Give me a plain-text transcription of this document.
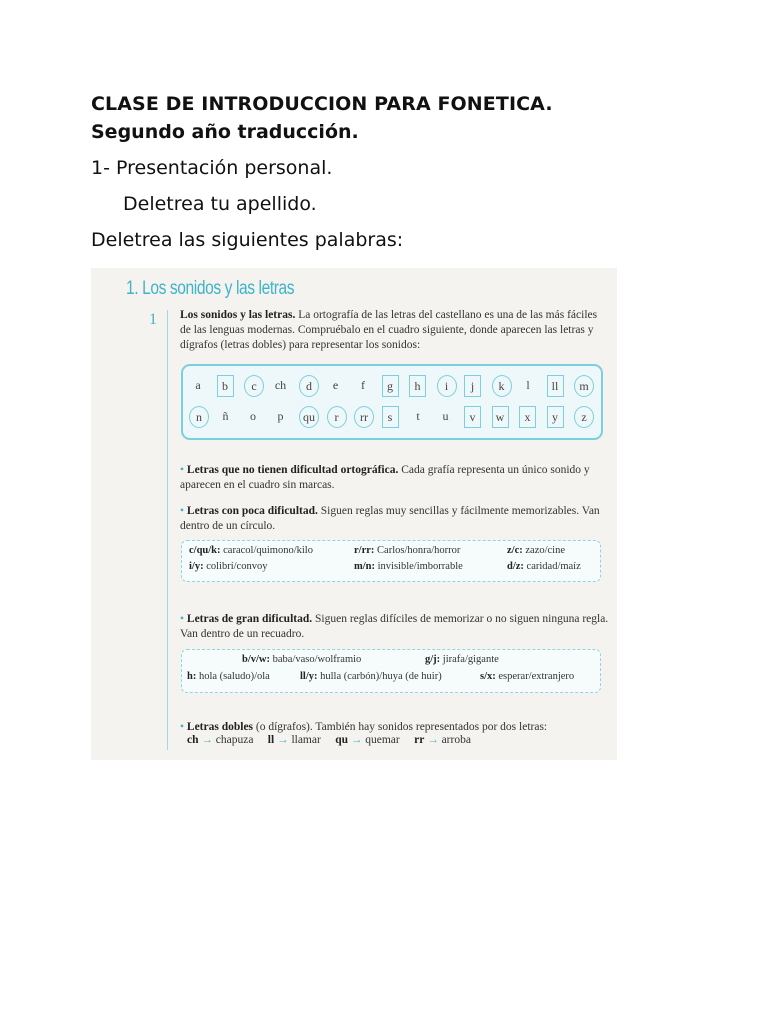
CLASE DE INTRODUCCION PARA FONETICA.
Segundo año traducción.
1- Presentación personal.
Deletrea tu apellido.
Deletrea las siguientes palabras:
1. Los sonidos y las letras
1 Los sonidos y las letras. La ortografía de las letras del castellano es una de las más fáciles de las lenguas modernas. Compruébalo en el cuadro siguiente, donde aparecen las letras y dígrafos (letras dobles) para representar los sonidos:
a	b	c	ch	d	e	f	g	h	i	j	k	l	ll	m
n	ñ	o	p	qu	r	rr	s	t	u	v	w	x	y	z
• Letras que no tienen dificultad ortográfica. Cada grafía representa un único sonido y aparecen en el cuadro sin marcas.
• Letras con poca dificultad. Siguen reglas muy sencillas y fácilmente memorizables. Van dentro de un círculo.
c/qu/k: caracol/quimono/kilo	r/rr: Carlos/honra/horror	z/c: zazo/cine
i/y: colibrí/convoy	m/n: invisible/imborrable	d/z: caridad/maíz
• Letras de gran dificultad. Siguen reglas difíciles de memorizar o no siguen ninguna regla. Van dentro de un recuadro.
b/v/w: baba/vaso/wolframio	g/j: jirafa/gigante
h: hola (saludo)/ola	ll/y: hulla (carbón)/huya (de huir)	s/x: esperar/extranjero
• Letras dobles (o dígrafos). También hay sonidos representados por dos letras:
ch → chapuza ll → llamar qu → quemar rr → arroba
